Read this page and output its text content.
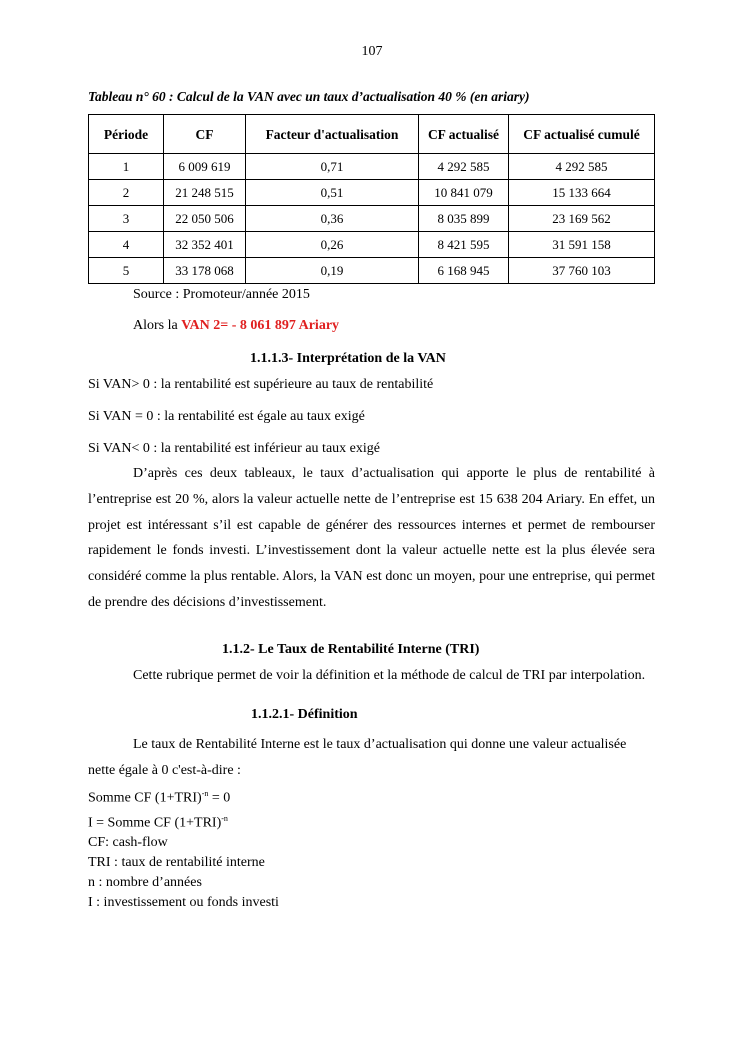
107
Tableau n° 60 : Calcul de la VAN avec un taux d’actualisation 40 % (en ariary)
Période	CF	Facteur d'actualisation	CF actualisé	CF actualisé cumulé
1	6 009 619	0,71	4 292 585	4 292 585
2	21 248 515	0,51	10 841 079	15 133 664
3	22 050 506	0,36	8 035 899	23 169 562
4	32 352 401	0,26	8 421 595	31 591 158
5	33 178 068	0,19	6 168 945	37 760 103
Source : Promoteur/année 2015
Alors la VAN 2= - 8 061 897 Ariary
1.1.1.3- Interprétation de la VAN
Si VAN> 0 : la rentabilité est supérieure au taux de rentabilité
Si VAN = 0 : la rentabilité est égale au taux exigé
Si VAN< 0 : la rentabilité est inférieur au taux exigé
D’après ces deux tableaux, le taux d’actualisation qui apporte le plus de rentabilité à l’entreprise est 20 %, alors la valeur actuelle nette de l’entreprise est 15 638 204 Ariary. En effet, un projet est intéressant s’il est capable de générer des ressources internes et permet de rembourser rapidement le fonds investi. L’investissement dont la valeur actuelle nette est la plus élevée sera considéré comme la plus rentable. Alors, la VAN est donc un moyen, pour une entreprise, qui permet de prendre des décisions d’investissement.
1.1.2- Le Taux de Rentabilité Interne (TRI)
Cette rubrique permet de voir la définition et la méthode de calcul de TRI par interpolation.
1.1.2.1- Définition
Le taux de Rentabilité Interne est le taux d’actualisation qui donne une valeur actualisée nette égale à 0 c'est-à-dire :
Somme CF $(1+TRI)^{-n} = 0$
I = Somme CF $(1+TRI)^{-n}$
CF: cash-flow
TRI : taux de rentabilité interne
n : nombre d’années
I : investissement ou fonds investi
